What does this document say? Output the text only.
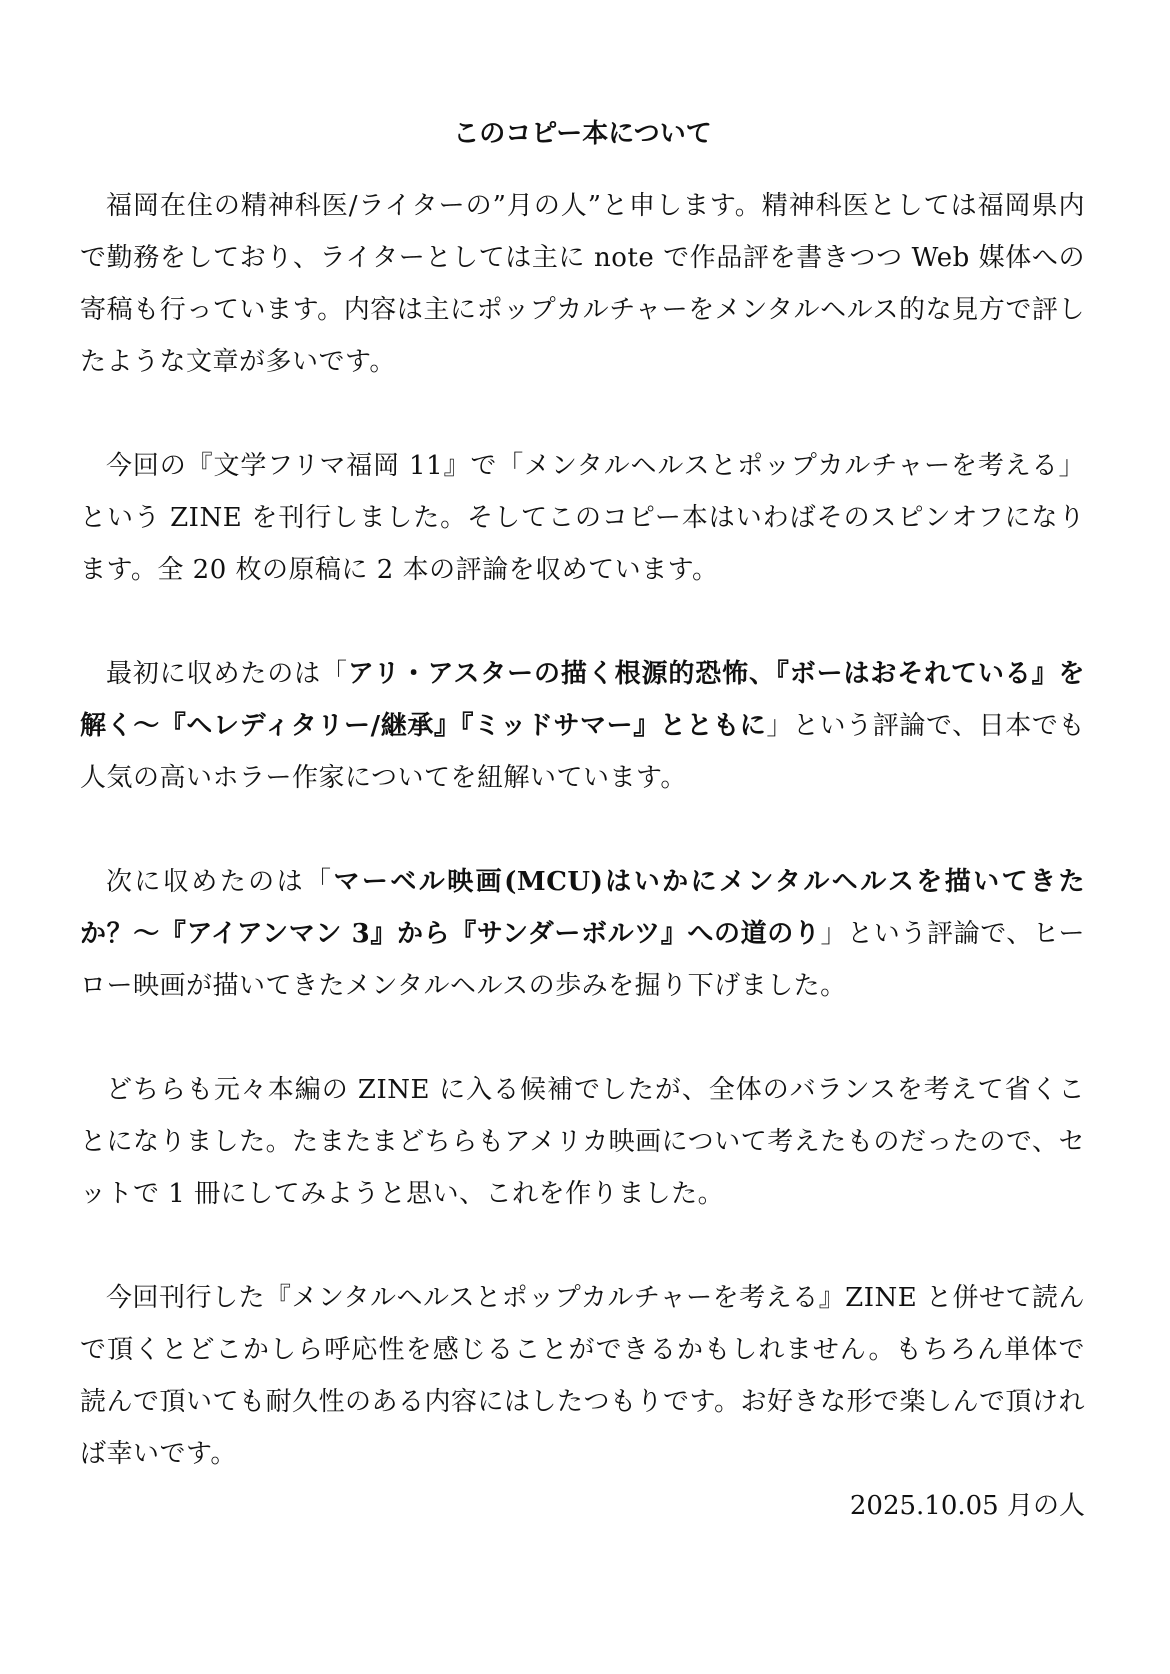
このコピー本について

福岡在住の精神科医/ライターの”月の人”と申します。精神科医としては福岡県内で勤務をしており、ライターとしては主に note で作品評を書きつつ Web 媒体への寄稿も行っています。内容は主にポップカルチャーをメンタルヘルス的な見方で評したような文章が多いです。

今回の『文学フリマ福岡 11』で「メンタルヘルスとポップカルチャーを考える」という ZINE を刊行しました。そしてこのコピー本はいわばそのスピンオフになります。全 20 枚の原稿に 2 本の評論を収めています。

最初に収めたのは「アリ・アスターの描く根源的恐怖、『ボーはおそれている』を解く〜『ヘレディタリー/継承』『ミッドサマー』とともに」という評論で、日本でも人気の高いホラー作家についてを紐解いています。

次に収めたのは「マーベル映画(MCU)はいかにメンタルヘルスを描いてきたか？〜『アイアンマン 3』から『サンダーボルツ』への道のり」という評論で、ヒーロー映画が描いてきたメンタルヘルスの歩みを掘り下げました。

どちらも元々本編の ZINE に入る候補でしたが、全体のバランスを考えて省くことになりました。たまたまどちらもアメリカ映画について考えたものだったので、セットで 1 冊にしてみようと思い、これを作りました。

今回刊行した『メンタルヘルスとポップカルチャーを考える』ZINE と併せて読んで頂くとどこかしら呼応性を感じることができるかもしれません。もちろん単体で読んで頂いても耐久性のある内容にはしたつもりです。お好きな形で楽しんで頂ければ幸いです。

2025.10.05 月の人
